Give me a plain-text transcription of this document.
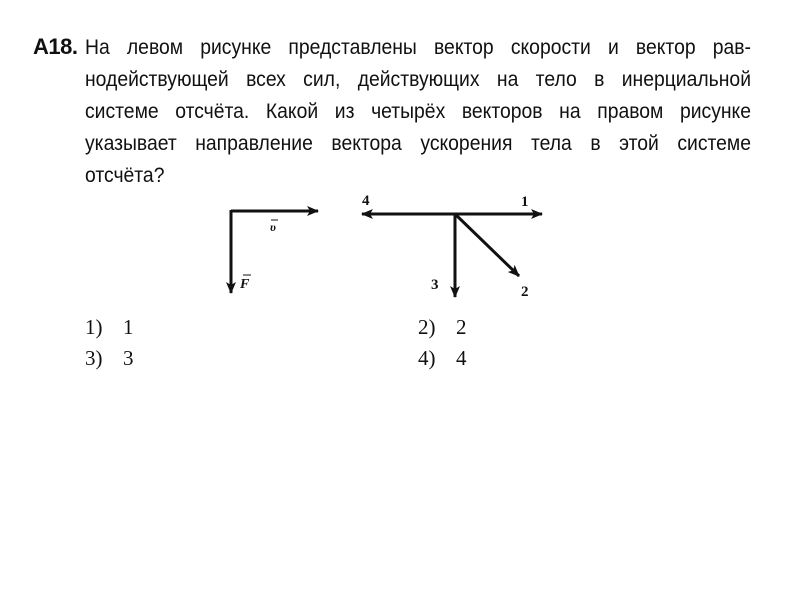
А18. На левом рисунке представлены вектор скорости и вектор рав-
нодействующей всех сил, действующих на тело в инерциальной
системе отсчёта. Какой из четырёх векторов на правом рисунке
указывает направление вектора ускорения тела в этой системе
отсчёта?
υ
F
1
2
3
4
1) 1	2) 2
3) 3	4) 4
